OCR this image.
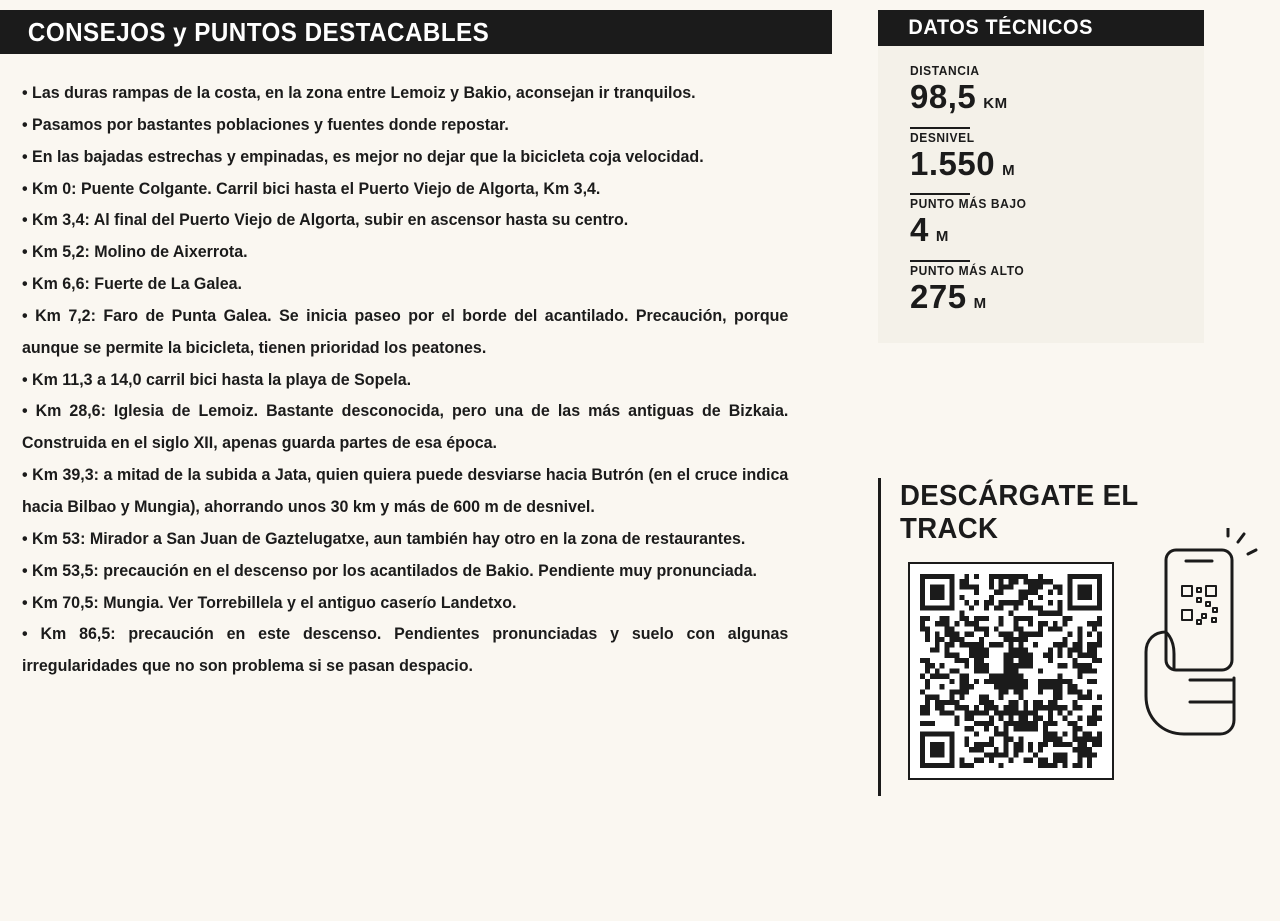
CONSEJOS y PUNTOS DESTACABLES
• Las duras rampas de la costa, en la zona entre Lemoiz y Bakio, aconsejan ir tranquilos.
• Pasamos por bastantes poblaciones y fuentes donde repostar.
• En las bajadas estrechas y empinadas, es mejor no dejar que la bicicleta coja velocidad.
• Km 0: Puente Colgante. Carril bici hasta el Puerto Viejo de Algorta, Km 3,4.
• Km 3,4: Al final del Puerto Viejo de Algorta, subir en ascensor hasta su centro.
• Km 5,2: Molino de Aixerrota.
• Km 6,6: Fuerte de La Galea.
• Km 7,2: Faro de Punta Galea. Se inicia paseo por el borde del acantilado. Precaución, porque aunque se permite la bicicleta, tienen prioridad los peatones.
• Km 11,3 a 14,0 carril bici hasta la playa de Sopela.
• Km 28,6: Iglesia de Lemoiz. Bastante desconocida, pero una de las más antiguas de Bizkaia. Construida en el siglo XII, apenas guarda partes de esa época.
• Km 39,3: a mitad de la subida a Jata, quien quiera puede desviarse hacia Butrón (en el cruce indica hacia Bilbao y Mungia), ahorrando unos 30 km y más de 600 m de desnivel.
• Km 53: Mirador a San Juan de Gaztelugatxe, aun también hay otro en la zona de restaurantes.
• Km 53,5: precaución en el descenso por los acantilados de Bakio. Pendiente muy pronunciada.
• Km 70,5: Mungia. Ver Torrebillela y el antiguo caserío Landetxo.
• Km 86,5: precaución en este descenso. Pendientes pronunciadas y suelo con algunas irregularidades que no son problema si se pasan despacio.
DATOS TÉCNICOS
DISTANCIA
98,5 KM
DESNIVEL
1.550 M
PUNTO MÁS BAJO
4 M
PUNTO MÁS ALTO
275 M
DESCÁRGATE EL TRACK
